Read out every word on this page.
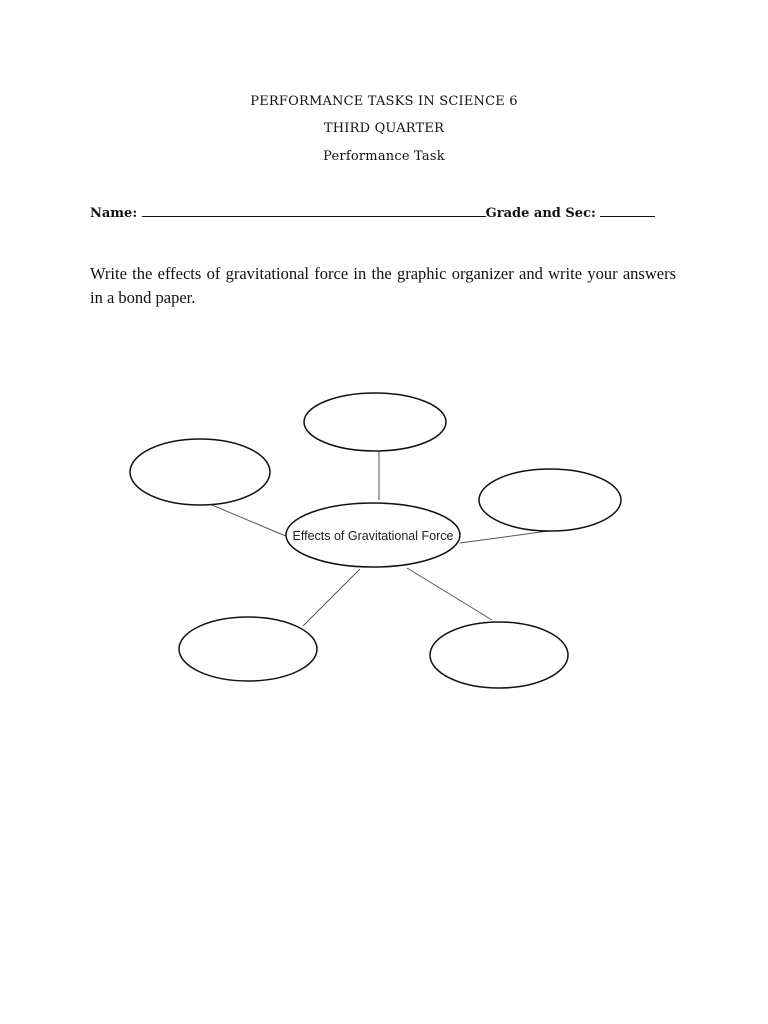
PERFORMANCE TASKS IN SCIENCE 6
THIRD QUARTER
Performance Task
Name:	Grade and Sec:
Write the effects of gravitational force in the graphic organizer and write your answers in a bond paper.
Effects of Gravitational Force
